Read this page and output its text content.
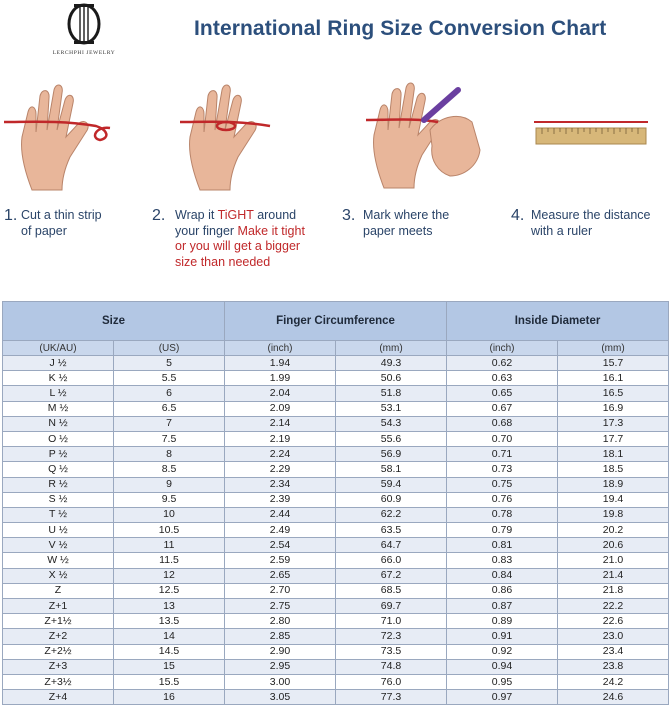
LERCHPHI JEWELRY
International Ring Size Conversion Chart
1. Cut a thin strip
of paper
2. Wrap it TiGHT around
your finger Make it tight
or you will get a bigger
size than needed
3. Mark where the
paper meets
4. Measure the distance
with a ruler
Size		Finger Circumference		Inside Diameter	
(UK/AU)	(US)	(inch)	(mm)	(inch)	(mm)
J ½	5	1.94	49.3	0.62	15.7
K ½	5.5	1.99	50.6	0.63	16.1
L ½	6	2.04	51.8	0.65	16.5
M ½	6.5	2.09	53.1	0.67	16.9
N ½	7	2.14	54.3	0.68	17.3
O ½	7.5	2.19	55.6	0.70	17.7
P ½	8	2.24	56.9	0.71	18.1
Q ½	8.5	2.29	58.1	0.73	18.5
R ½	9	2.34	59.4	0.75	18.9
S ½	9.5	2.39	60.9	0.76	19.4
T ½	10	2.44	62.2	0.78	19.8
U ½	10.5	2.49	63.5	0.79	20.2
V ½	11	2.54	64.7	0.81	20.6
W ½	11.5	2.59	66.0	0.83	21.0
X ½	12	2.65	67.2	0.84	21.4
Z	12.5	2.70	68.5	0.86	21.8
Z+1	13	2.75	69.7	0.87	22.2
Z+1½	13.5	2.80	71.0	0.89	22.6
Z+2	14	2.85	72.3	0.91	23.0
Z+2½	14.5	2.90	73.5	0.92	23.4
Z+3	15	2.95	74.8	0.94	23.8
Z+3½	15.5	3.00	76.0	0.95	24.2
Z+4	16	3.05	77.3	0.97	24.6
